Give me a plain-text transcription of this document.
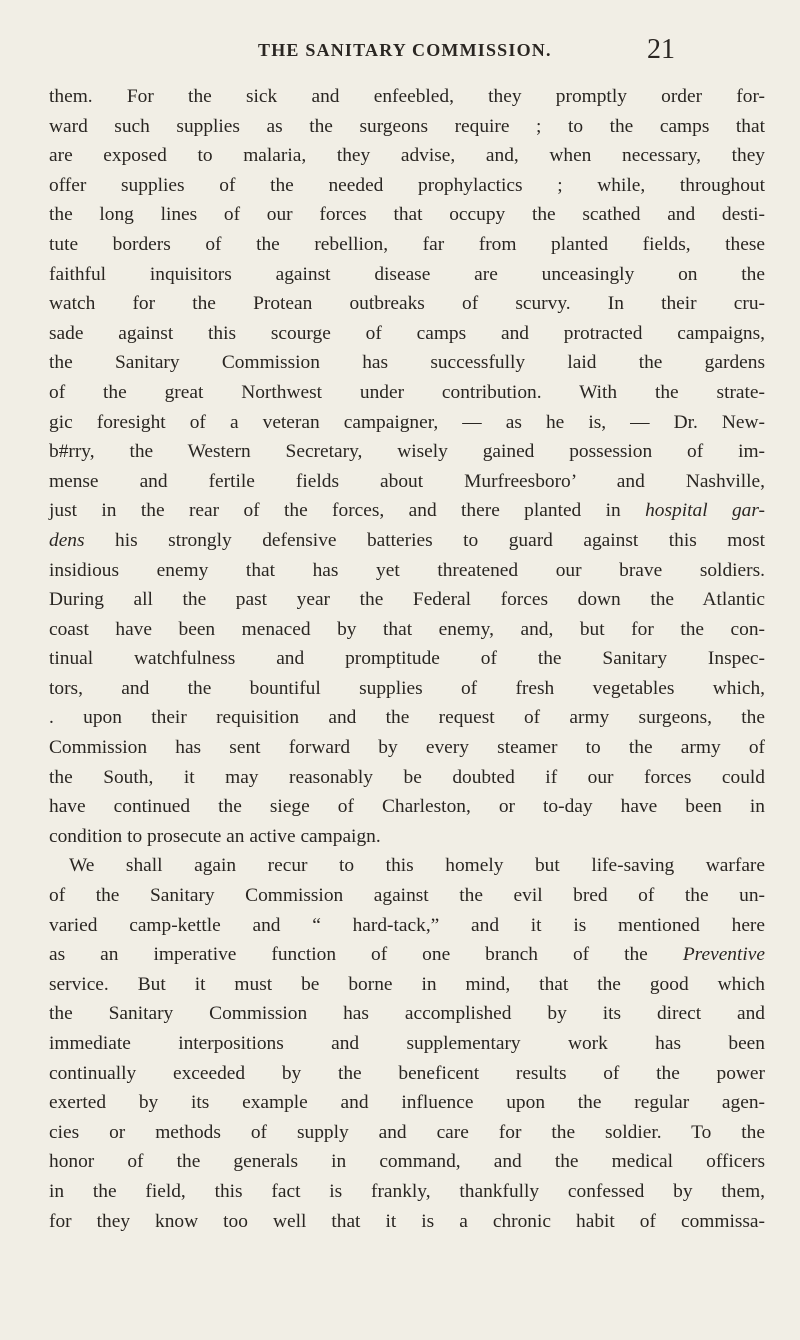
THE SANITARY COMMISSION.	21
them. For the sick and enfeebled, they promptly order for-
ward such supplies as the surgeons require ; to the camps that
are exposed to malaria, they advise, and, when necessary, they
offer supplies of the needed prophylactics ; while, throughout
the long lines of our forces that occupy the scathed and desti-
tute borders of the rebellion, far from planted fields, these
faithful inquisitors against disease are unceasingly on the
watch for the Protean outbreaks of scurvy. In their cru-
sade against this scourge of camps and protracted campaigns,
the Sanitary Commission has successfully laid the gardens
of the great Northwest under contribution. With the strate-
gic foresight of a veteran campaigner, — as he is, — Dr. New-
b#rry, the Western Secretary, wisely gained possession of im-
mense and fertile fields about Murfreesboro’ and Nashville,
just in the rear of the forces, and there planted in hospital gar-
dens his strongly defensive batteries to guard against this most
insidious enemy that has yet threatened our brave soldiers.
During all the past year the Federal forces down the Atlantic
coast have been menaced by that enemy, and, but for the con-
tinual watchfulness and promptitude of the Sanitary Inspec-
tors, and the bountiful supplies of fresh vegetables which,
. upon their requisition and the request of army surgeons, the
Commission has sent forward by every steamer to the army of
the South, it may reasonably be doubted if our forces could
have continued the siege of Charleston, or to-day have been in
condition to prosecute an active campaign.
We shall again recur to this homely but life-saving warfare
of the Sanitary Commission against the evil bred of the un-
varied camp-kettle and “ hard-tack,” and it is mentioned here
as an imperative function of one branch of the Preventive
service. But it must be borne in mind, that the good which
the Sanitary Commission has accomplished by its direct and
immediate interpositions and supplementary work has been
continually exceeded by the beneficent results of the power
exerted by its example and influence upon the regular agen-
cies or methods of supply and care for the soldier. To the
honor of the generals in command, and the medical officers
in the field, this fact is frankly, thankfully confessed by them,
for they know too well that it is a chronic habit of commissa-
